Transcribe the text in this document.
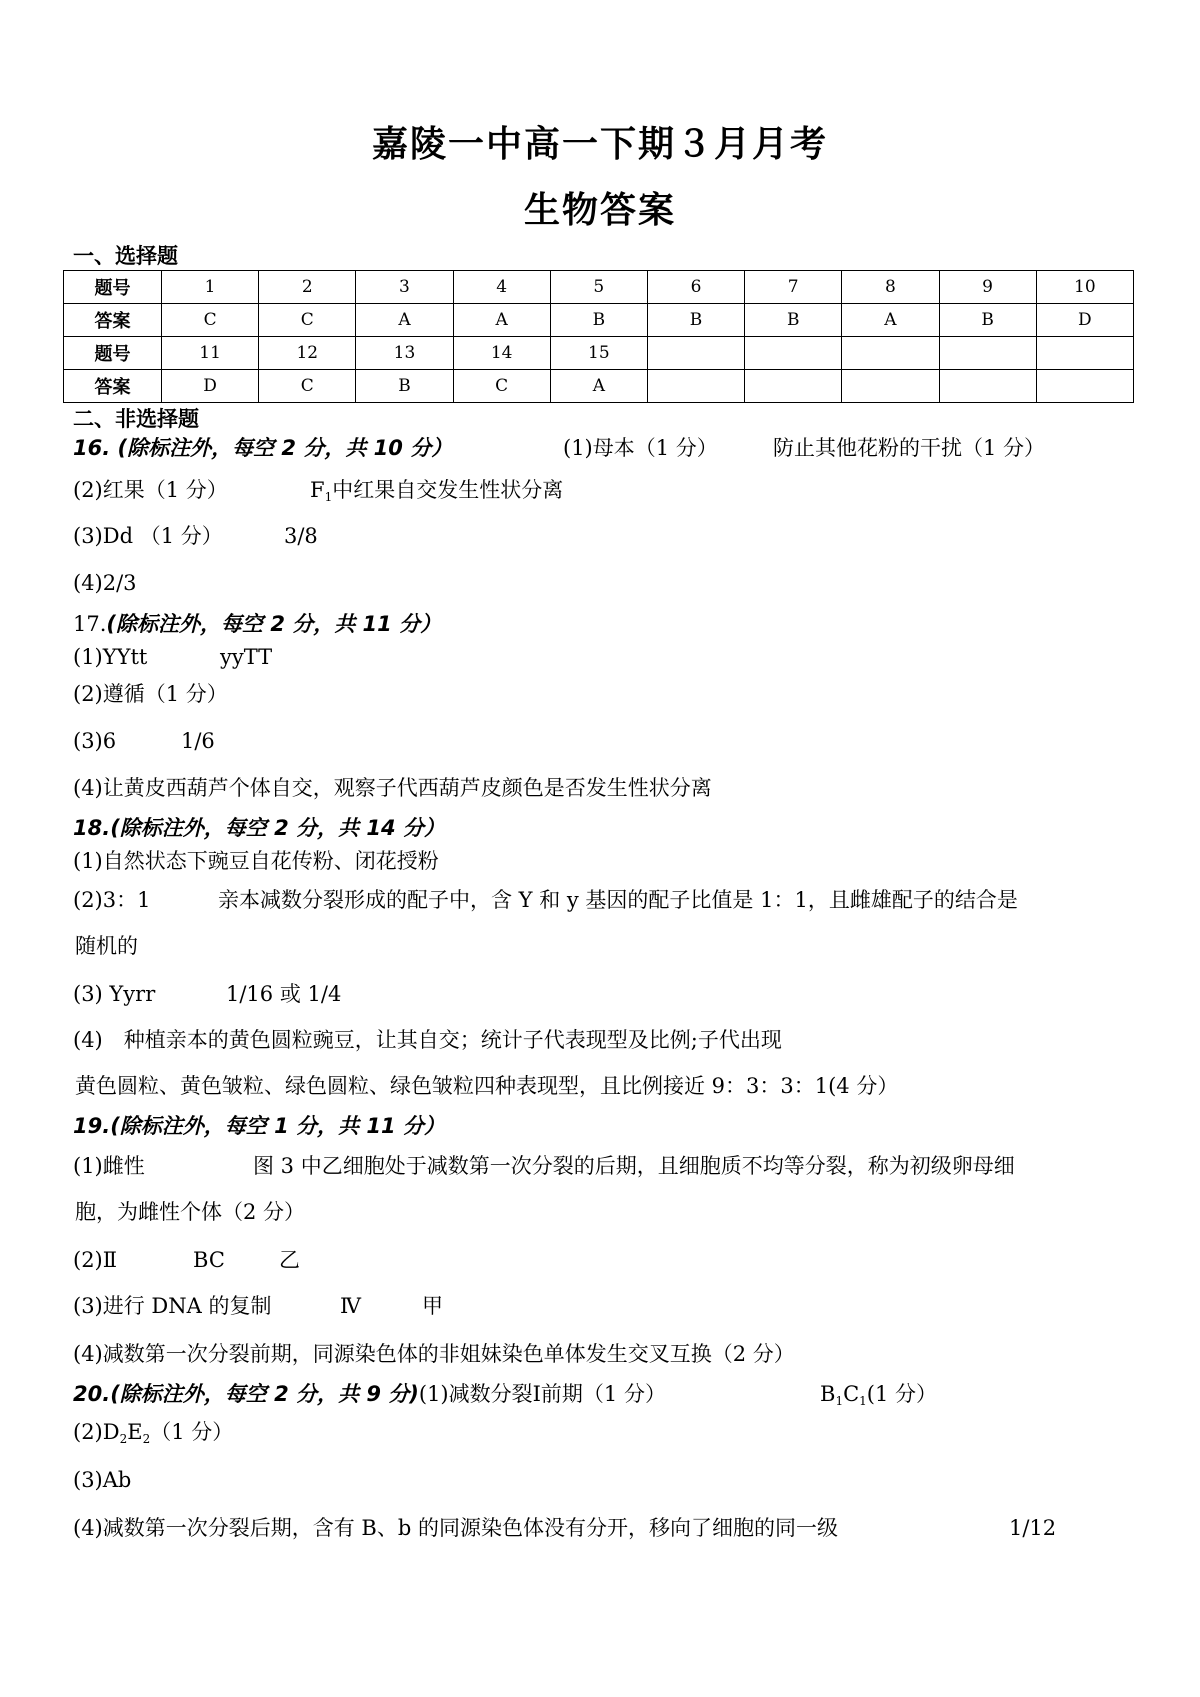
嘉陵一中高一下期３月月考
生物答案
一、选择题
题号	1	2	3	4	5	6	7	8	9	10
答案	C	C	A	A	B	B	B	A	B	D
题号	11	12	13	14	15					
答案	D	C	B	C	A					
二、非选择题
16. (除标注外，每空 2 分，共 10 分）	(1)母本（1 分）	防止其他花粉的干扰（1 分）
(2)红果（1 分）	$F_1$中红果自交发生性状分离
(3)Dd （1 分）	3/8
(4)2/3
17.(除标注外，每空 2 分，共 11 分）
(1)YYtt	yyTT
(2)遵循（1 分）
(3)6	1/6
(4)让黄皮西葫芦个体自交，观察子代西葫芦皮颜色是否发生性状分离
18.(除标注外，每空 2 分，共 14 分）
(1)自然状态下豌豆自花传粉、闭花授粉
(2)3：1	亲本减数分裂形成的配子中，含 Y 和 y 基因的配子比值是 1：1，且雌雄配子的结合是
随机的
(3) Yyrr	1/16 或 1/4
(4)　种植亲本的黄色圆粒豌豆，让其自交；统计子代表现型及比例;子代出现
黄色圆粒、黄色皱粒、绿色圆粒、绿色皱粒四种表现型，且比例接近 9：3：3：1(4 分）
19.(除标注外，每空 1 分，共 11 分）
(1)雌性	图 3 中乙细胞处于减数第一次分裂的后期，且细胞质不均等分裂，称为初级卵母细
胞，为雌性个体（2 分）
(2)Ⅱ	BC	乙
(3)进行 DNA 的复制	Ⅳ	甲
(4)减数第一次分裂前期，同源染色体的非姐妹染色单体发生交叉互换（2 分）
20.(除标注外，每空 2 分，共 9 分)(1)减数分裂Ⅰ前期（1 分）	$B_1C_1(1$ 分）
$(2)D_2E_2(1$ 分）
(3)Ab
(4)减数第一次分裂后期，含有 B、b 的同源染色体没有分开，移向了细胞的同一级	1/12
